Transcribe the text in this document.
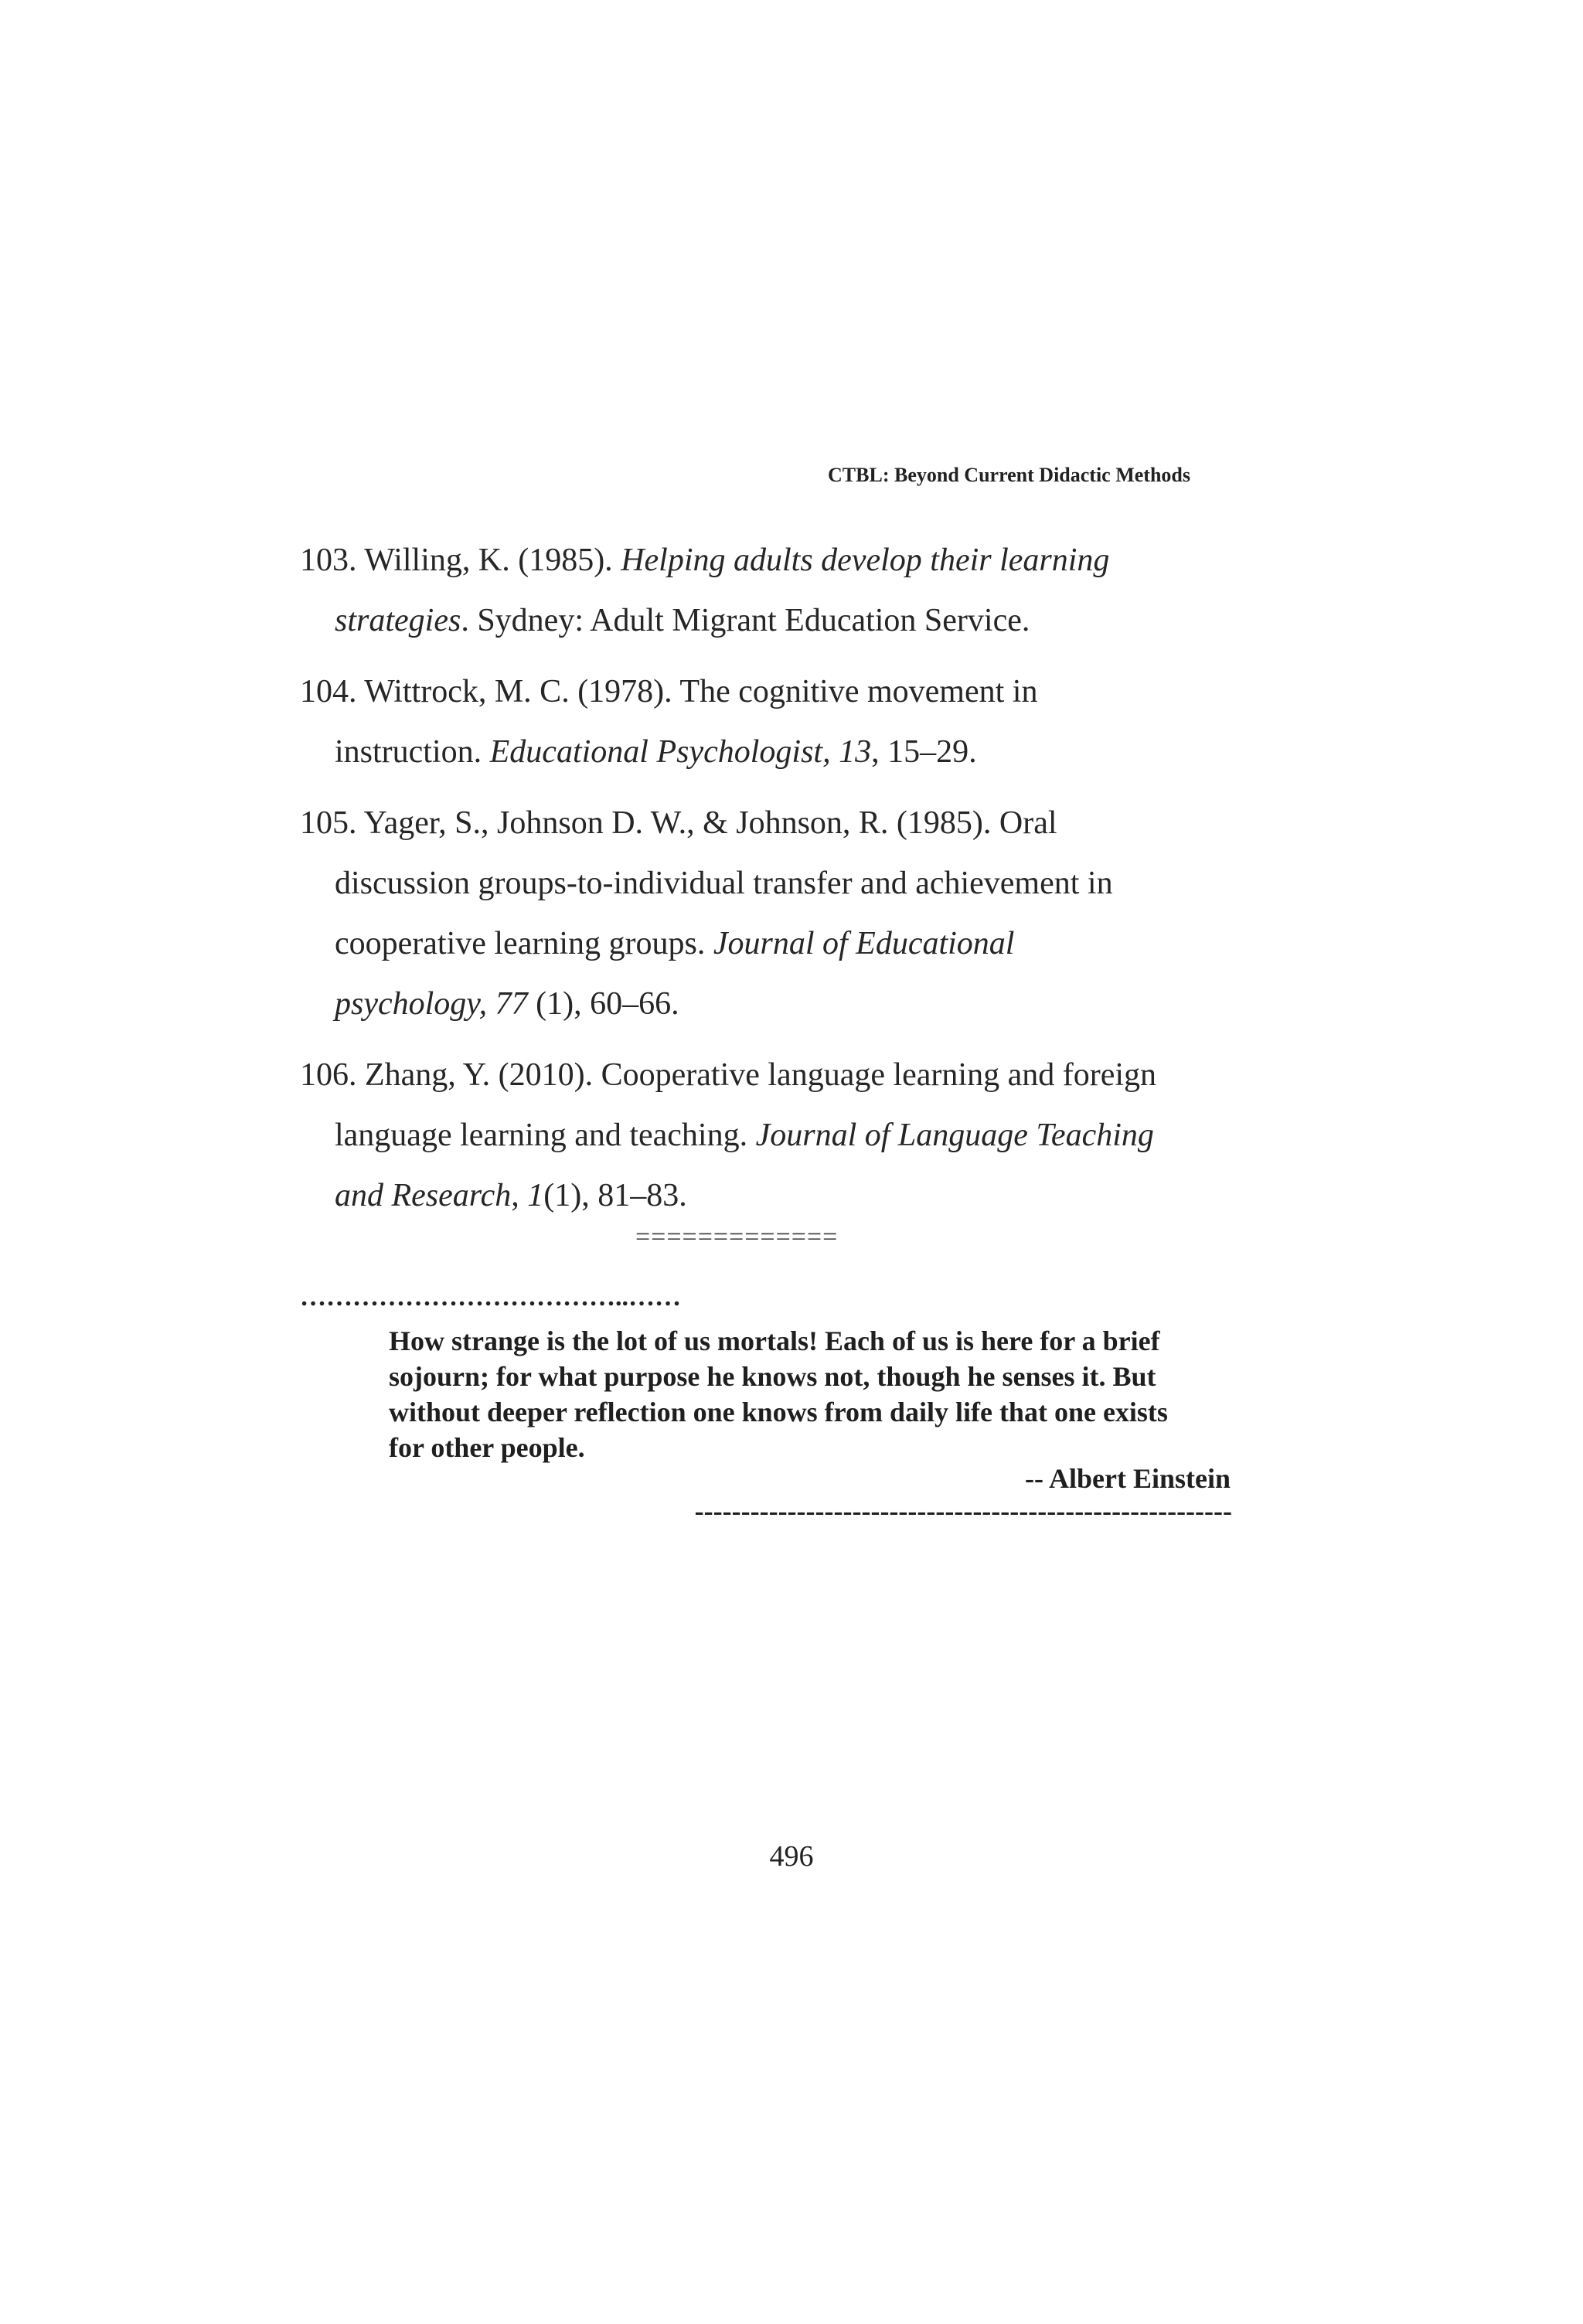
CTBL: Beyond Current Didactic Methods
103. Willing, K. (1985). Helping adults develop their learning
strategies. Sydney: Adult Migrant Education Service.
104. Wittrock, M. C. (1978). The cognitive movement in
instruction. Educational Psychologist, 13, 15–29.
105. Yager, S., Johnson D. W., & Johnson, R. (1985). Oral
discussion groups-to-individual transfer and achievement in
cooperative learning groups. Journal of Educational
psychology, 77 (1), 60–66.
106. Zhang, Y. (2010). Cooperative language learning and foreign
language learning and teaching. Journal of Language Teaching
and Research, 1(1), 81–83.
=============
………………………………..……
How strange is the lot of us mortals! Each of us is here for a brief
sojourn; for what purpose he knows not, though he senses it. But
without deeper reflection one knows from daily life that one exists
for other people.
-- Albert Einstein
----------------------------------------------------------
496
